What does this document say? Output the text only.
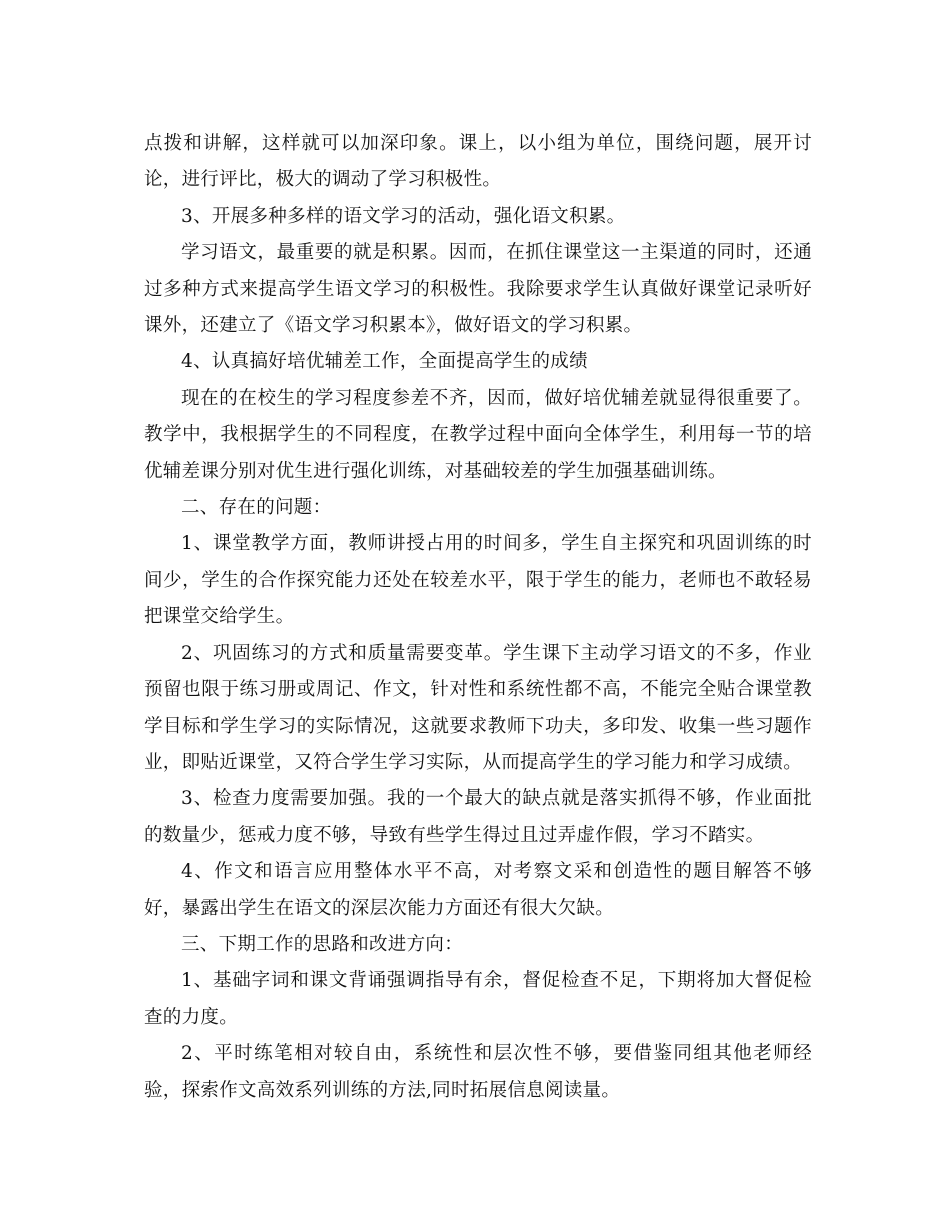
点拨和讲解，这样就可以加深印象。课上，以小组为单位，围绕问题，展开讨论，进行评比，极大的调动了学习积极性。

3、开展多种多样的语文学习的活动，强化语文积累。

学习语文，最重要的就是积累。因而，在抓住课堂这一主渠道的同时，还通过多种方式来提高学生语文学习的积极性。我除要求学生认真做好课堂记录听好课外，还建立了《语文学习积累本》，做好语文的学习积累。

4、认真搞好培优辅差工作，全面提高学生的成绩

现在的在校生的学习程度参差不齐，因而，做好培优辅差就显得很重要了。教学中，我根据学生的不同程度，在教学过程中面向全体学生，利用每一节的培优辅差课分别对优生进行强化训练，对基础较差的学生加强基础训练。

二、存在的问题：

1、课堂教学方面，教师讲授占用的时间多，学生自主探究和巩固训练的时间少，学生的合作探究能力还处在较差水平，限于学生的能力，老师也不敢轻易把课堂交给学生。

2、巩固练习的方式和质量需要变革。学生课下主动学习语文的不多，作业预留也限于练习册或周记、作文，针对性和系统性都不高，不能完全贴合课堂教学目标和学生学习的实际情况，这就要求教师下功夫，多印发、收集一些习题作业，即贴近课堂，又符合学生学习实际，从而提高学生的学习能力和学习成绩。

3、检查力度需要加强。我的一个最大的缺点就是落实抓得不够，作业面批的数量少，惩戒力度不够，导致有些学生得过且过弄虚作假，学习不踏实。

4、作文和语言应用整体水平不高，对考察文采和创造性的题目解答不够好，暴露出学生在语文的深层次能力方面还有很大欠缺。

三、下期工作的思路和改进方向：

1、基础字词和课文背诵强调指导有余，督促检查不足，下期将加大督促检查的力度。

2、平时练笔相对较自由，系统性和层次性不够，要借鉴同组其他老师经验，探索作文高效系列训练的方法,同时拓展信息阅读量。
